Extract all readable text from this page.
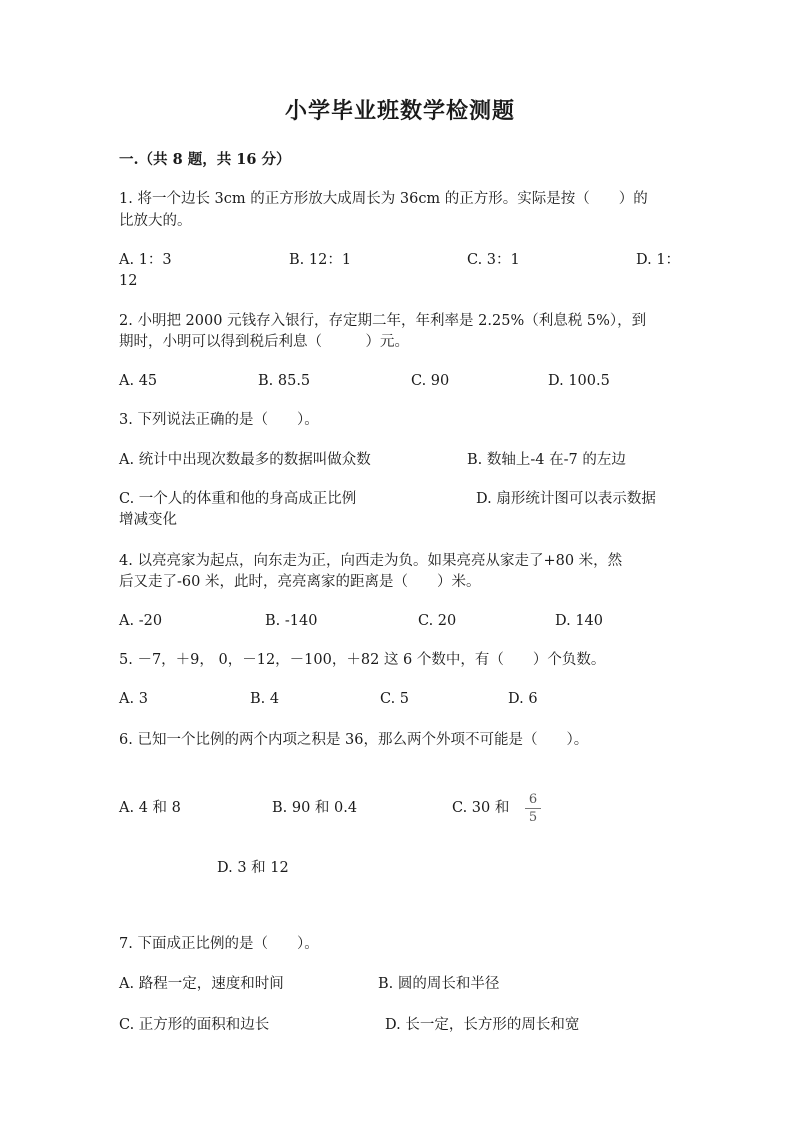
小学毕业班数学检测题
一.（共 8 题，共 16 分）
1. 将一个边长 3cm 的正方形放大成周长为 36cm 的正方形。实际是按（　　）的
比放大的。
A. 1：3	B. 12：1	C. 3：1	D. 1：
12
2. 小明把 2000 元钱存入银行，存定期二年，年利率是 2.25%（利息税 5%），到
期时，小明可以得到税后利息（　　　）元。
A. 45	B. 85.5	C. 90	D. 100.5
3. 下列说法正确的是（　　）。
A. 统计中出现次数最多的数据叫做众数	B. 数轴上-4 在-7 的左边
C. 一个人的体重和他的身高成正比例	D. 扇形统计图可以表示数据
增减变化
4. 以亮亮家为起点，向东走为正，向西走为负。如果亮亮从家走了+80 米，然
后又走了-60 米，此时，亮亮离家的距离是（　　）米。
A. -20	B. -140	C. 20	D. 140
5. －7，＋9， 0，－12，－100，＋82 这 6 个数中，有（　　）个负数。
A. 3	B. 4	C. 5	D. 6
6. 已知一个比例的两个内项之积是 36，那么两个外项不可能是（　　）。
A. 4 和 8	B. 90 和 0.4	C. 30 和
6
5
D. 3 和 12
7. 下面成正比例的是（　　）。
A. 路程一定，速度和时间	B. 圆的周长和半径
C. 正方形的面积和边长	D. 长一定，长方形的周长和宽
